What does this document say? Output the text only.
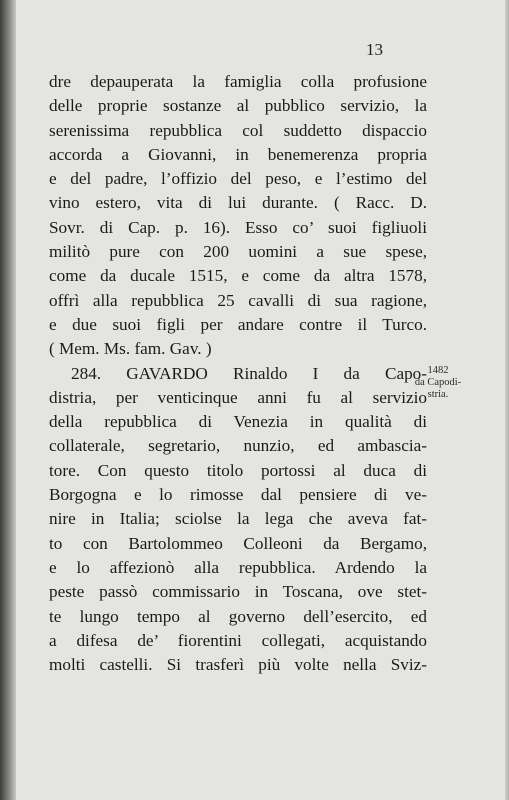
13
dre depauperata la famiglia colla profusione
delle proprie sostanze al pubblico servizio, la
serenissima repubblica col suddetto dispaccio
accorda a Giovanni, in benemerenza propria
e del padre, l’offizio del peso, e l’estimo del
vino estero, vita di lui durante. ( Racc. D.
Sovr. di Cap. p. 16). Esso co’ suoi figliuoli
militò pure con 200 uomini a sue spese,
come da ducale 1515, e come da altra 1578,
offrì alla repubblica 25 cavalli di sua ragione,
e due suoi figli per andare contre il Turco.
( Mem. Ms. fam. Gav. )
284. GAVARDO Rinaldo I da Capo-
distria, per venticinque anni fu al servizio
della repubblica di Venezia in qualità di
collaterale, segretario, nunzio, ed ambascia-
tore. Con questo titolo portossi al duca di
Borgogna e lo rimosse dal pensiere di ve-
nire in Italia; sciolse la lega che aveva fat-
to con Bartolommeo Colleoni da Bergamo,
e lo affezionò alla repubblica. Ardendo la
peste passò commissario in Toscana, ove stet-
te lungo tempo al governo dell’esercito, ed
a difesa de’ fiorentini collegati, acquistando
molti castelli. Si trasferì più volte nella Sviz-
1482
da Capodi-
stria.
